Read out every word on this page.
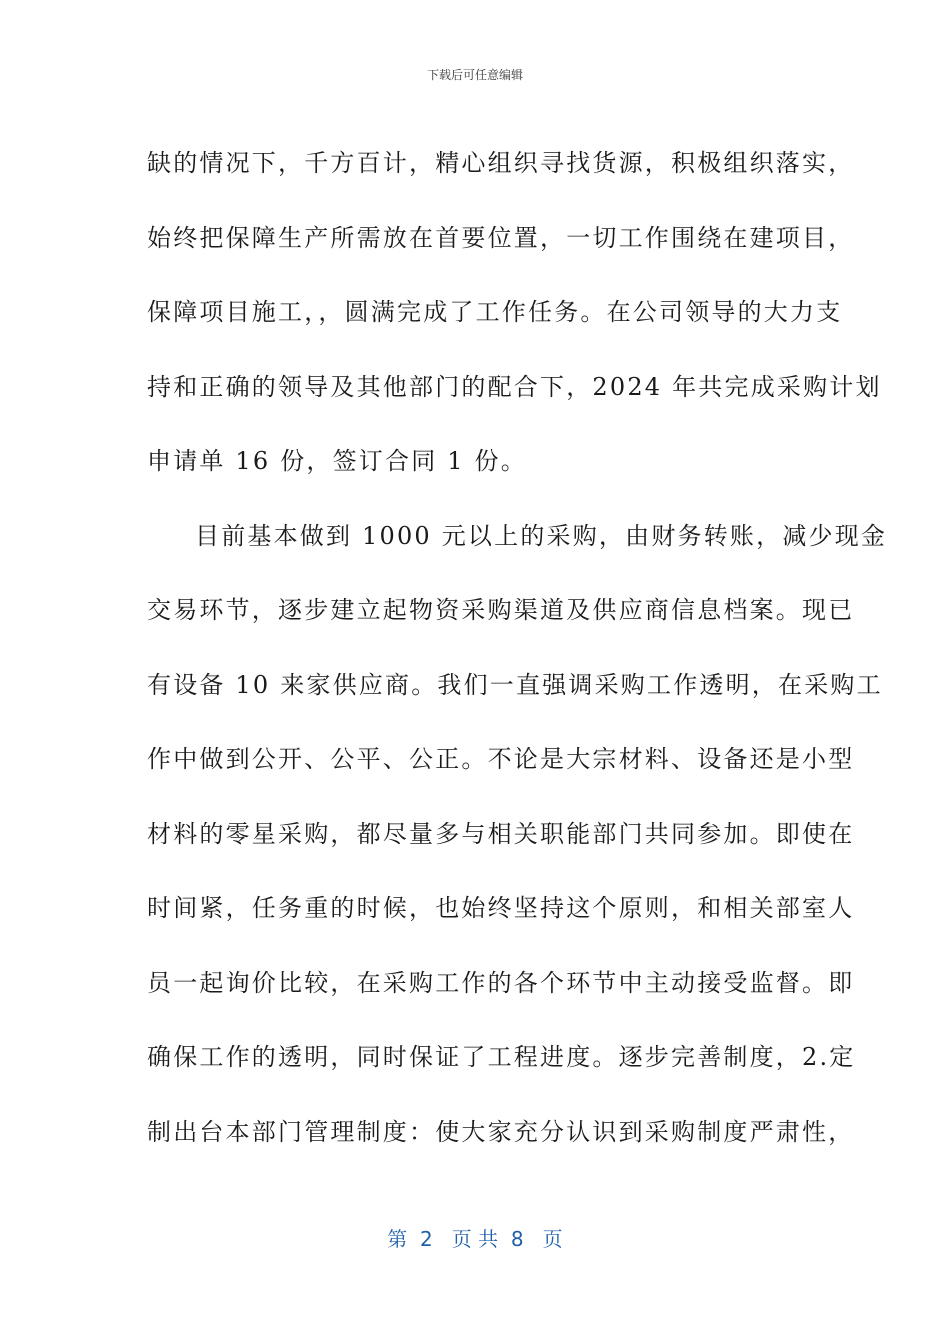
下载后可任意编辑
缺的情况下，千方百计，精心组织寻找货源，积极组织落实，
始终把保障生产所需放在首要位置，一切工作围绕在建项目，
保障项目施工，，圆满完成了工作任务。在公司领导的大力支
持和正确的领导及其他部门的配合下，2024 年共完成采购计划
申请单 16 份，签订合同 1 份。
目前基本做到 1000 元以上的采购，由财务转账，减少现金
交易环节，逐步建立起物资采购渠道及供应商信息档案。现已
有设备 10 来家供应商。我们一直强调采购工作透明，在采购工
作中做到公开、公平、公正。不论是大宗材料、设备还是小型
材料的零星采购，都尽量多与相关职能部门共同参加。即使在
时间紧，任务重的时候，也始终坚持这个原则，和相关部室人
员一起询价比较，在采购工作的各个环节中主动接受监督。即
确保工作的透明，同时保证了工程进度。逐步完善制度，2.定
制出台本部门管理制度：使大家充分认识到采购制度严肃性，
第  2   页 共  8   页
